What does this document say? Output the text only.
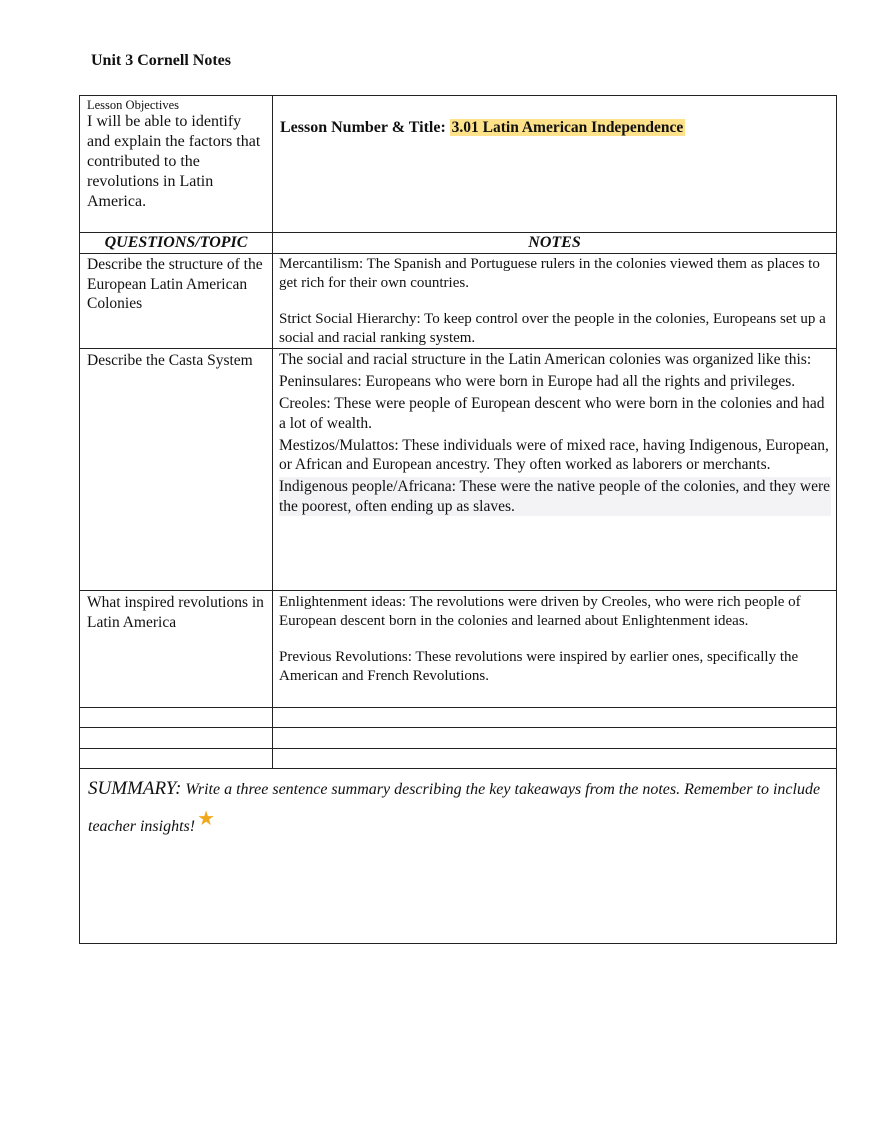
Unit 3 Cornell Notes
Lesson Objectives
I will be able to identify and explain the factors that contributed to the revolutions in Latin America.
Lesson Number & Title: 3.01 Latin American Independence
QUESTIONS/TOPIC	NOTES
Describe the structure of the European Latin American Colonies

Mercantilism: The Spanish and Portuguese rulers in the colonies viewed them as places to get rich for their own countries.

Strict Social Hierarchy: To keep control over the people in the colonies, Europeans set up a social and racial ranking system.

Describe the Casta System	The social and racial structure in the Latin American colonies was organized like this:

Peninsulares: Europeans who were born in Europe had all the rights and privileges.

Creoles: These were people of European descent who were born in the colonies and had a lot of wealth.

Mestizos/Mulattos: These individuals were of mixed race, having Indigenous, European, or African and European ancestry. They often worked as laborers or merchants.

Indigenous people/Africana: These were the native people of the colonies, and they were the poorest, often ending up as slaves.

What inspired revolutions in Latin America

Enlightenment ideas: The revolutions were driven by Creoles, who were rich people of European descent born in the colonies and learned about Enlightenment ideas.

Previous Revolutions: These revolutions were inspired by earlier ones, specifically the American and French Revolutions.

SUMMARY: Write a three sentence summary describing the key takeaways from the notes. Remember to include teacher insights! ★
